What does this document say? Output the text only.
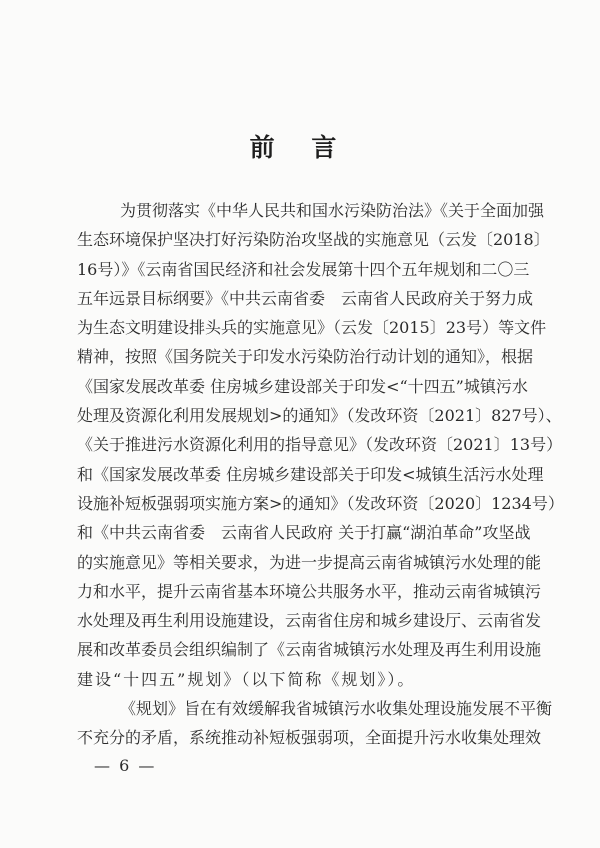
前 言
为贯彻落实《中华人民共和国水污染防治法》《关于全面加强
生态环境保护坚决打好污染防治攻坚战的实施意见（云发〔2018〕
16号）》《云南省国民经济和社会发展第十四个五年规划和二〇三
五年远景目标纲要》《中共云南省委　云南省人民政府关于努力成
为生态文明建设排头兵的实施意见》（云发〔2015〕23号）等文件
精神，按照《国务院关于印发水污染防治行动计划的通知》，根据
《国家发展改革委 住房城乡建设部关于印发<“十四五”城镇污水
处理及资源化利用发展规划>的通知》（发改环资〔2021〕827号）、
《关于推进污水资源化利用的指导意见》（发改环资〔2021〕13号）
和《国家发展改革委 住房城乡建设部关于印发<城镇生活污水处理
设施补短板强弱项实施方案>的通知》（发改环资〔2020〕1234号）
和《中共云南省委　云南省人民政府 关于打赢“湖泊革命”攻坚战
的实施意见》等相关要求，为进一步提高云南省城镇污水处理的能
力和水平，提升云南省基本环境公共服务水平，推动云南省城镇污
水处理及再生利用设施建设，云南省住房和城乡建设厅、云南省发
展和改革委员会组织编制了《云南省城镇污水处理及再生利用设施
建设“十四五”规划》（以下简称《规划》）。
《规划》旨在有效缓解我省城镇污水收集处理设施发展不平衡
不充分的矛盾，系统推动补短板强弱项，全面提升污水收集处理效
— 6 —
